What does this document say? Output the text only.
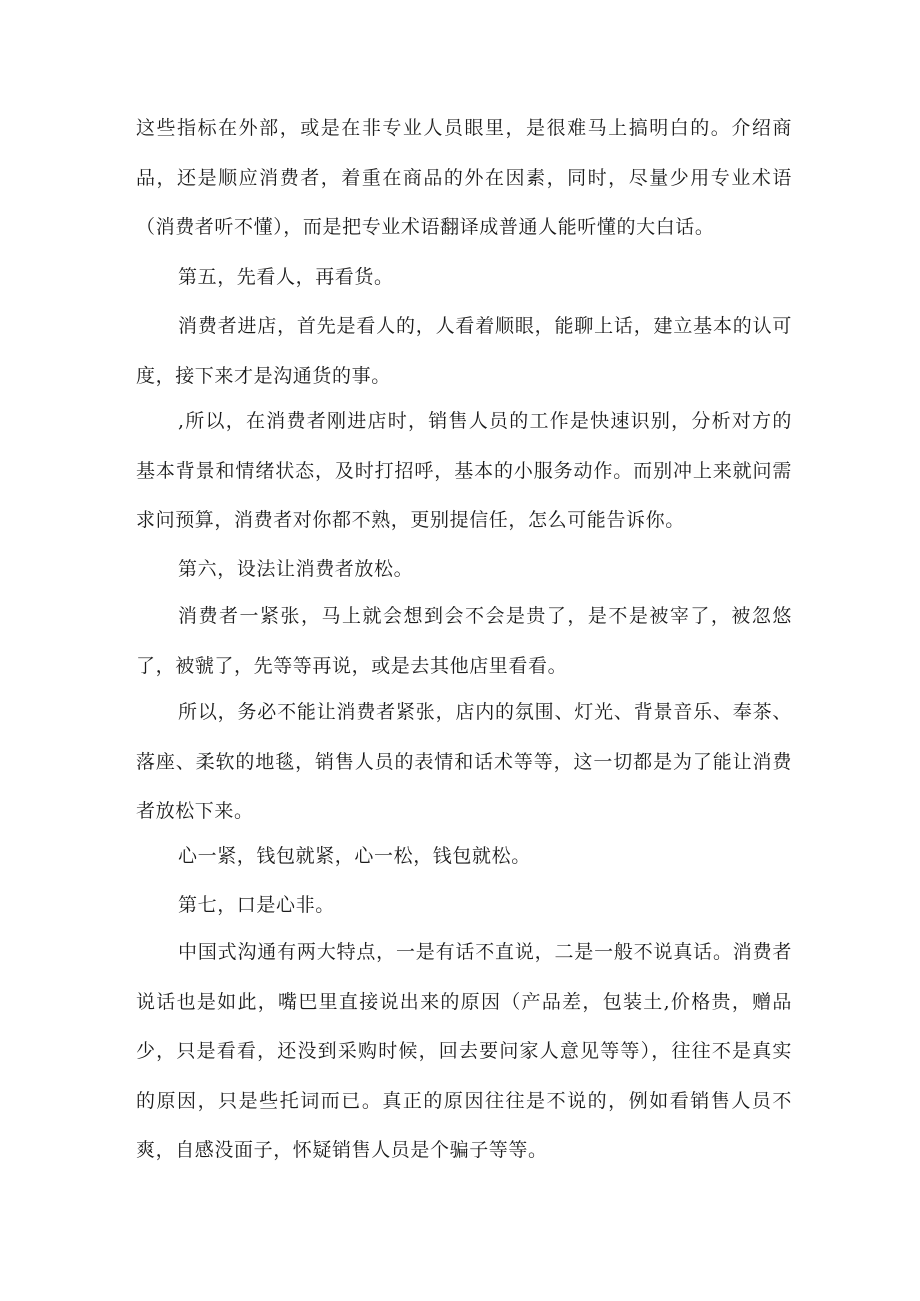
这些指标在外部，或是在非专业人员眼里，是很难马上搞明白的。介绍商品，还是顺应消费者，着重在商品的外在因素，同时，尽量少用专业术语（消费者听不懂），而是把专业术语翻译成普通人能听懂的大白话。

第五，先看人，再看货。

消费者进店，首先是看人的，人看着顺眼，能聊上话，建立基本的认可度，接下来才是沟通货的事。

,所以，在消费者刚进店时，销售人员的工作是快速识别，分析对方的基本背景和情绪状态，及时打招呼，基本的小服务动作。而别冲上来就问需求问预算，消费者对你都不熟，更别提信任，怎么可能告诉你。

第六，设法让消费者放松。

消费者一紧张，马上就会想到会不会是贵了，是不是被宰了，被忽悠了，被虢了，先等等再说，或是去其他店里看看。

所以，务必不能让消费者紧张，店内的氛围、灯光、背景音乐、奉茶、落座、柔软的地毯，销售人员的表情和话术等等，这一切都是为了能让消费者放松下来。

心一紧，钱包就紧，心一松，钱包就松。

第七，口是心非。

中国式沟通有两大特点，一是有话不直说，二是一般不说真话。消费者说话也是如此，嘴巴里直接说出来的原因（产品差，包装土,价格贵，赠品少，只是看看，还没到采购时候，回去要问家人意见等等），往往不是真实的原因，只是些托词而已。真正的原因往往是不说的，例如看销售人员不爽，自感没面子，怀疑销售人员是个骗子等等。
